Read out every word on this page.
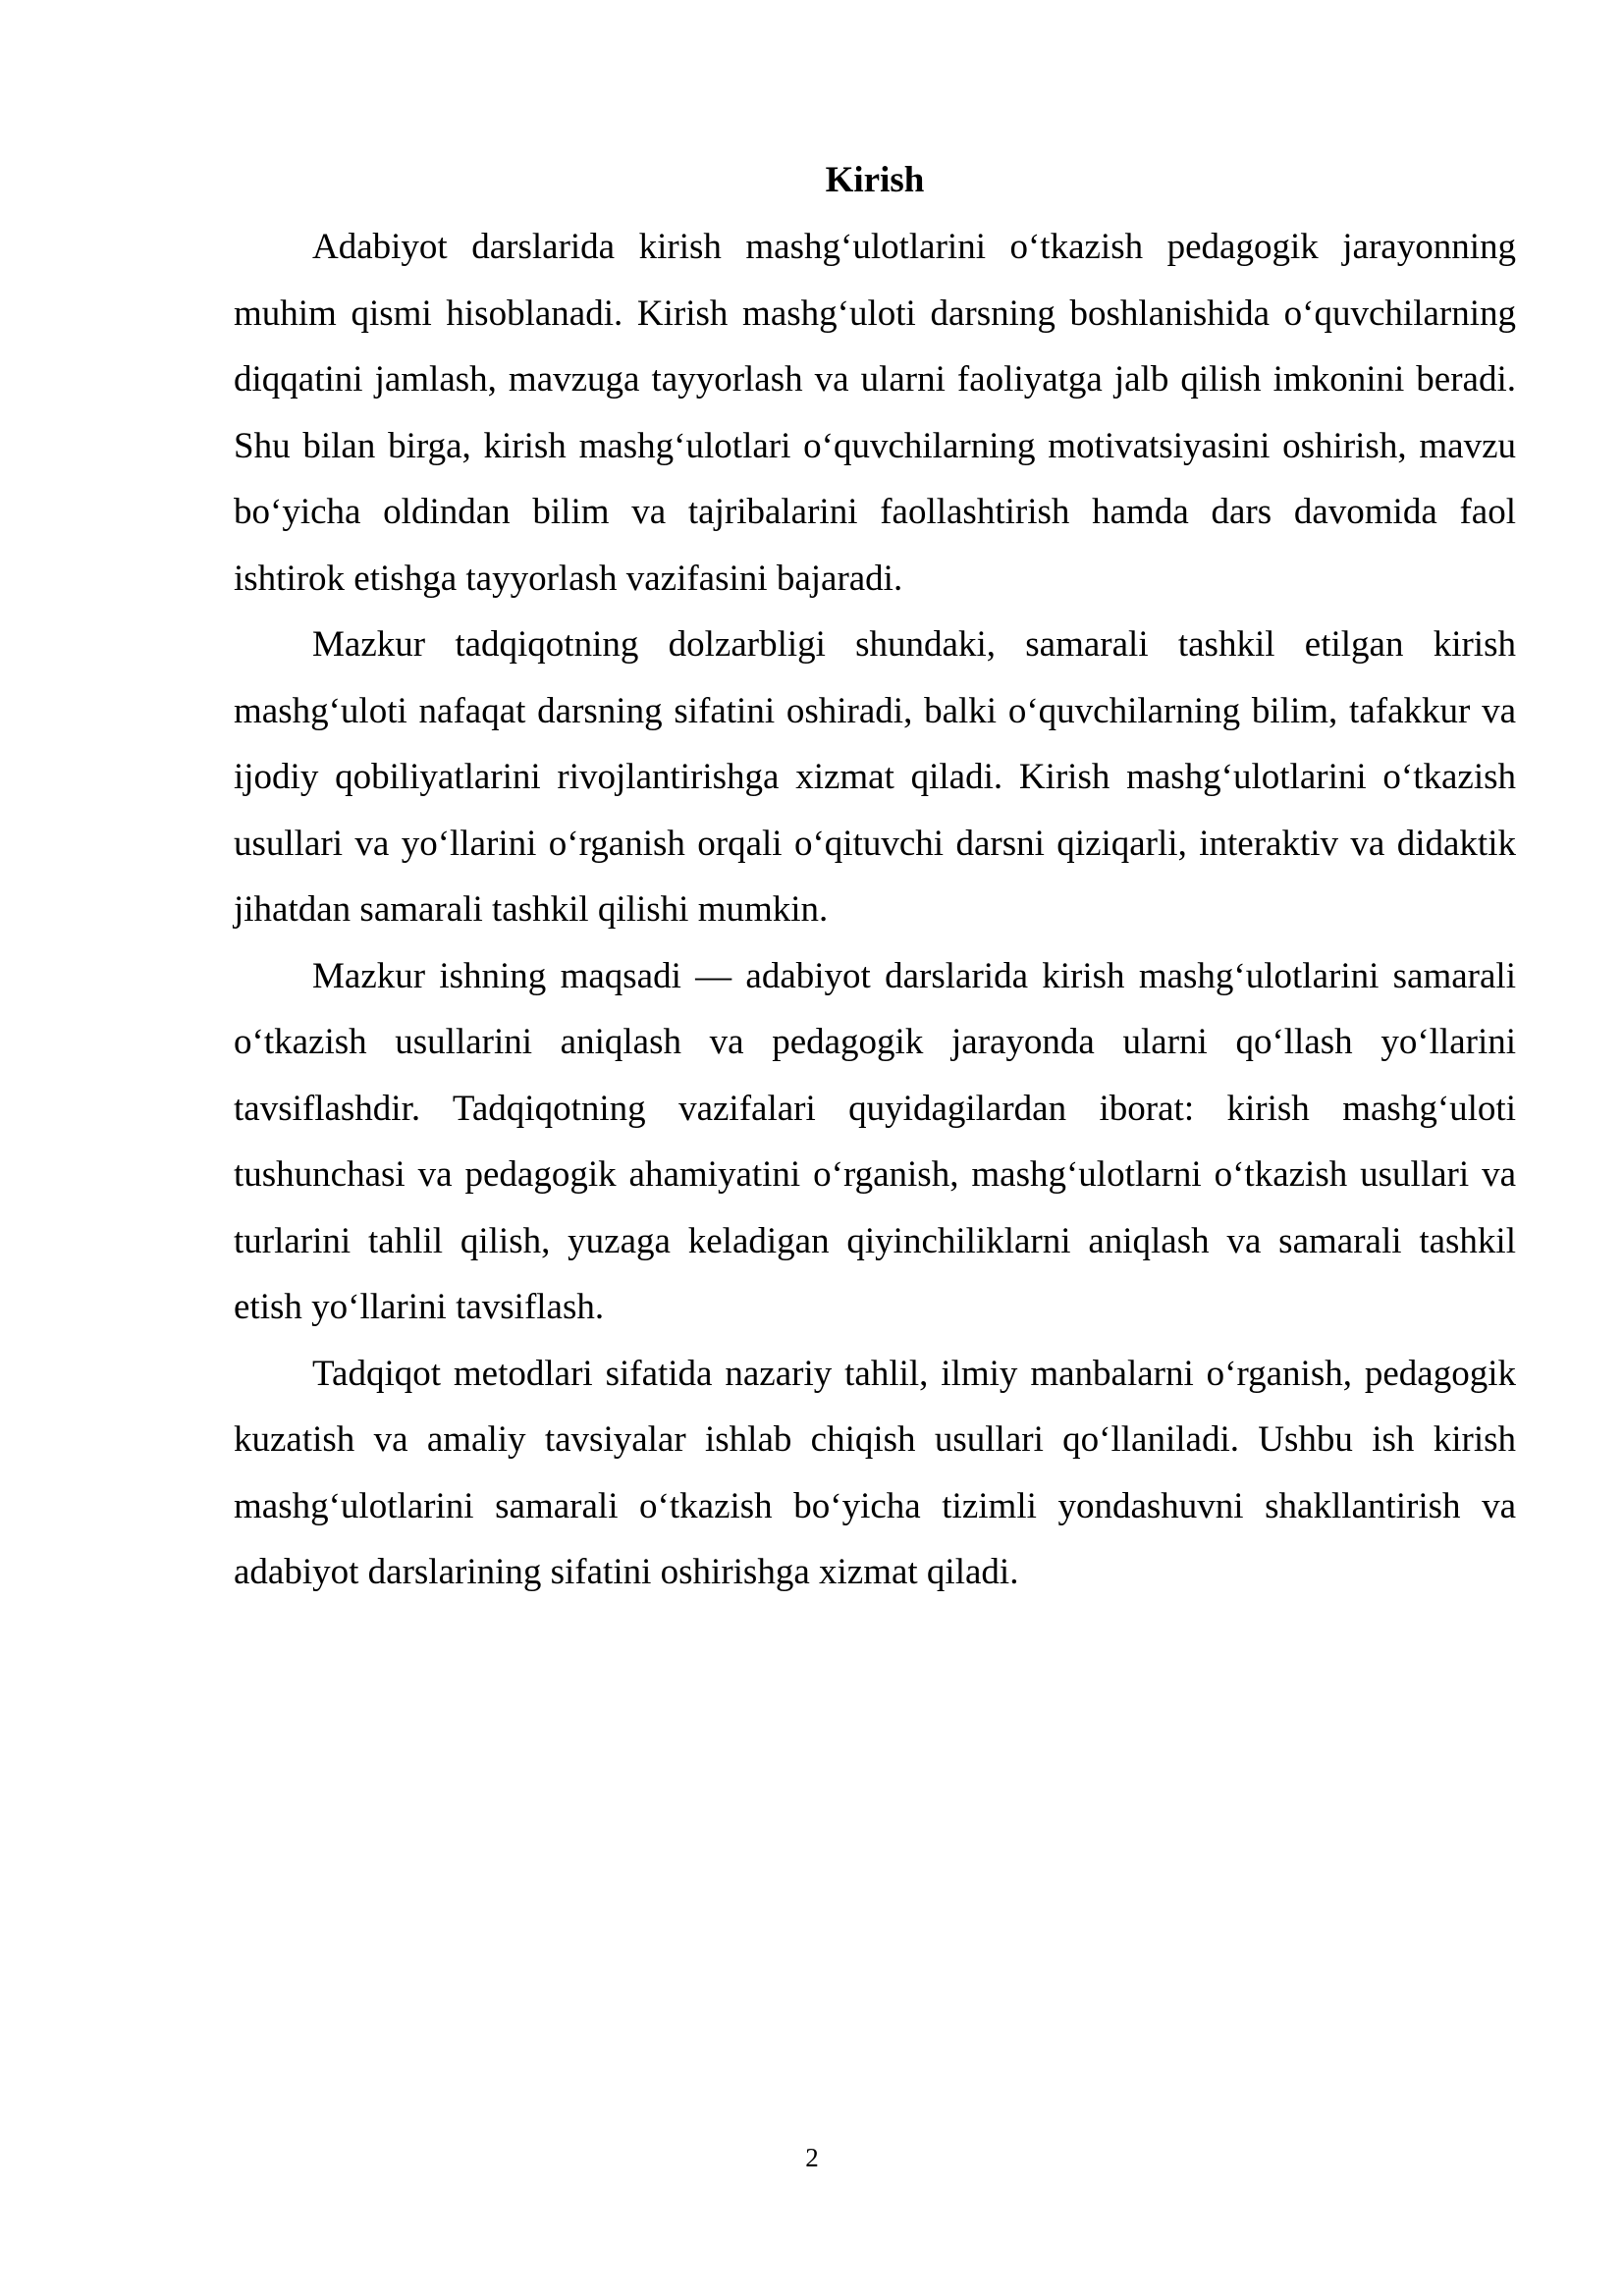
Kirish

Adabiyot darslarida kirish mashg‘ulotlarini o‘tkazish pedagogik jarayonning muhim qismi hisoblanadi. Kirish mashg‘uloti darsning boshlanishida o‘quvchilarning diqqatini jamlash, mavzuga tayyorlash va ularni faoliyatga jalb qilish imkonini beradi. Shu bilan birga, kirish mashg‘ulotlari o‘quvchilarning motivatsiyasini oshirish, mavzu bo‘yicha oldindan bilim va tajribalarini faollashtirish hamda dars davomida faol ishtirok etishga tayyorlash vazifasini bajaradi.

Mazkur tadqiqotning dolzarbligi shundaki, samarali tashkil etilgan kirish mashg‘uloti nafaqat darsning sifatini oshiradi, balki o‘quvchilarning bilim, tafakkur va ijodiy qobiliyatlarini rivojlantirishga xizmat qiladi. Kirish mashg‘ulotlarini o‘tkazish usullari va yo‘llarini o‘rganish orqali o‘qituvchi darsni qiziqarli, interaktiv va didaktik jihatdan samarali tashkil qilishi mumkin.

Mazkur ishning maqsadi — adabiyot darslarida kirish mashg‘ulotlarini samarali o‘tkazish usullarini aniqlash va pedagogik jarayonda ularni qo‘llash yo‘llarini tavsiflashdir. Tadqiqotning vazifalari quyidagilardan iborat: kirish mashg‘uloti tushunchasi va pedagogik ahamiyatini o‘rganish, mashg‘ulotlarni o‘tkazish usullari va turlarini tahlil qilish, yuzaga keladigan qiyinchiliklarni aniqlash va samarali tashkil etish yo‘llarini tavsiflash.

Tadqiqot metodlari sifatida nazariy tahlil, ilmiy manbalarni o‘rganish, pedagogik kuzatish va amaliy tavsiyalar ishlab chiqish usullari qo‘llaniladi. Ushbu ish kirish mashg‘ulotlarini samarali o‘tkazish bo‘yicha tizimli yondashuvni shakllantirish va adabiyot darslarining sifatini oshirishga xizmat qiladi.

2
